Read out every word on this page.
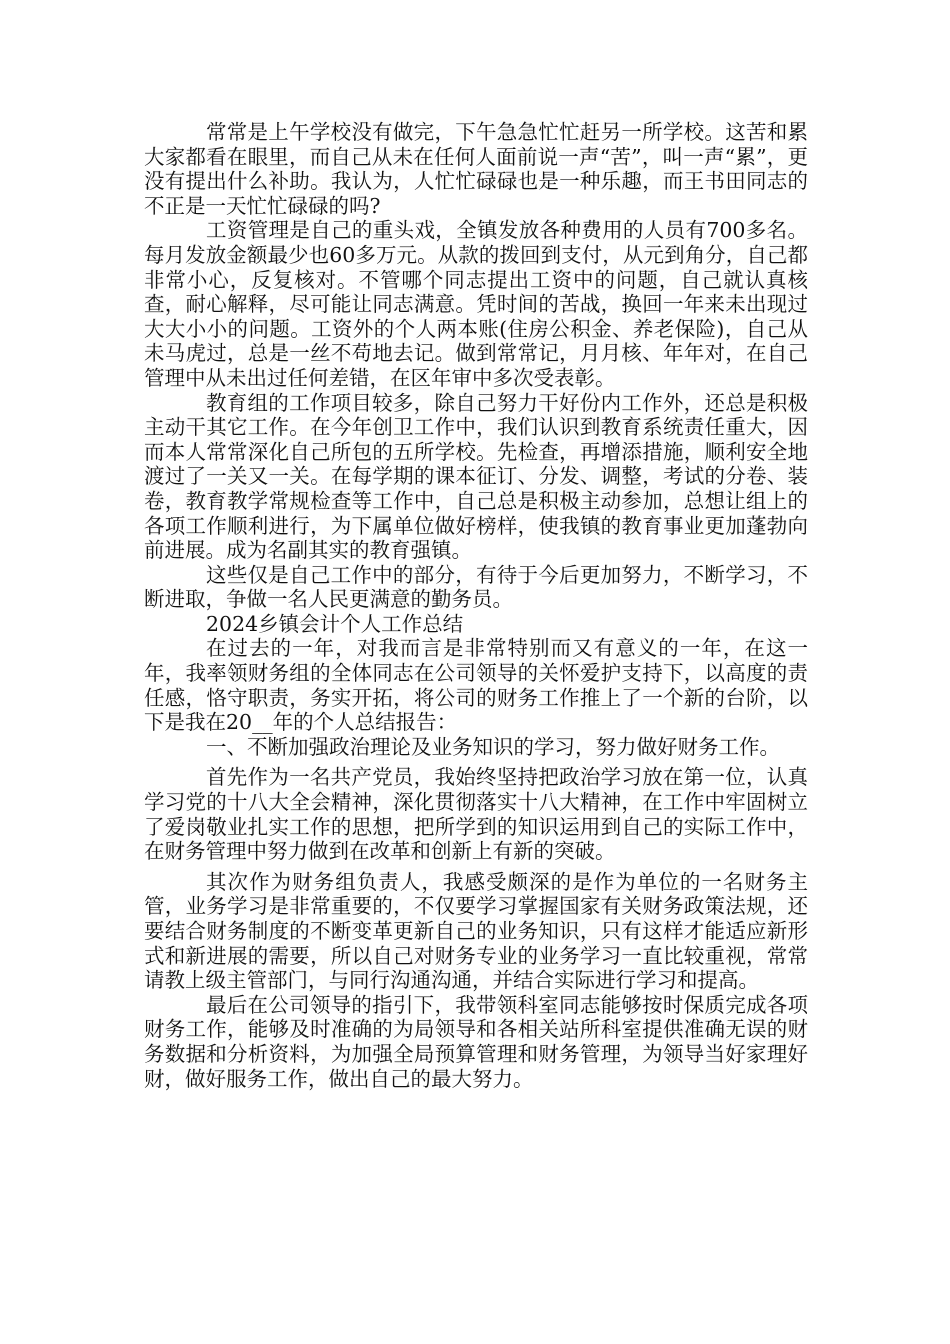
常常是上午学校没有做完，下午急急忙忙赶另一所学校。这苦和累大家都看在眼里，而自己从未在任何人面前说一声“苦”，叫一声“累”，更没有提出什么补助。我认为，人忙忙碌碌也是一种乐趣，而王书田同志的不正是一天忙忙碌碌的吗?

工资管理是自己的重头戏，全镇发放各种费用的人员有700多名。每月发放金额最少也60多万元。从款的拨回到支付，从元到角分，自己都非常小心，反复核对。不管哪个同志提出工资中的问题，自己就认真核查，耐心解释，尽可能让同志满意。凭时间的苦战，换回一年来未出现过大大小小的问题。工资外的个人两本账(住房公积金、养老保险)，自己从未马虎过，总是一丝不苟地去记。做到常常记，月月核、年年对，在自己管理中从未出过任何差错，在区年审中多次受表彰。

教育组的工作项目较多，除自己努力干好份内工作外，还总是积极主动干其它工作。在今年创卫工作中，我们认识到教育系统责任重大，因而本人常常深化自己所包的五所学校。先检查，再增添措施，顺利安全地渡过了一关又一关。在每学期的课本征订、分发、调整，考试的分卷、装卷，教育教学常规检查等工作中，自己总是积极主动参加，总想让组上的各项工作顺利进行，为下属单位做好榜样，使我镇的教育事业更加蓬勃向前进展。成为名副其实的教育强镇。

这些仅是自己工作中的部分，有待于今后更加努力，不断学习，不断进取，争做一名人民更满意的勤务员。

2024乡镇会计个人工作总结

在过去的一年，对我而言是非常特别而又有意义的一年，在这一年，我率领财务组的全体同志在公司领导的关怀爱护支持下，以高度的责任感，恪守职责，务实开拓，将公司的财务工作推上了一个新的台阶，以下是我在20__年的个人总结报告：

一、不断加强政治理论及业务知识的学习，努力做好财务工作。

首先作为一名共产党员，我始终坚持把政治学习放在第一位，认真学习党的十八大全会精神，深化贯彻落实十八大精神，在工作中牢固树立了爱岗敬业扎实工作的思想，把所学到的知识运用到自己的实际工作中，在财务管理中努力做到在改革和创新上有新的突破。

其次作为财务组负责人，我感受颇深的是作为单位的一名财务主管，业务学习是非常重要的，不仅要学习掌握国家有关财务政策法规，还要结合财务制度的不断变革更新自己的业务知识，只有这样才能适应新形式和新进展的需要，所以自己对财务专业的业务学习一直比较重视，常常请教上级主管部门，与同行沟通沟通，并结合实际进行学习和提高。

最后在公司领导的指引下，我带领科室同志能够按时保质完成各项财务工作，能够及时准确的为局领导和各相关站所科室提供准确无误的财务数据和分析资料，为加强全局预算管理和财务管理，为领导当好家理好财，做好服务工作，做出自己的最大努力。
